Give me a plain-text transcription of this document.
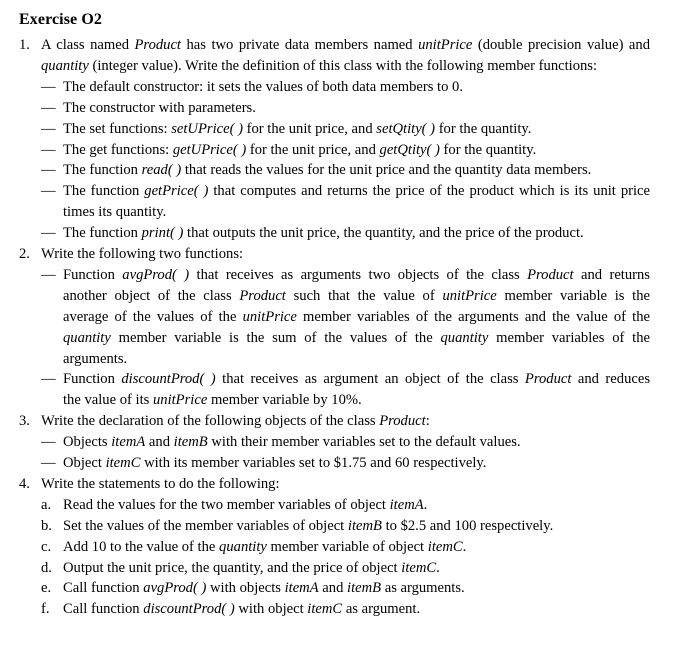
Exercise O2
1. A class named Product has two private data members named unitPrice (double precision value) and
quantity (integer value). Write the definition of this class with the following member functions:
— The default constructor: it sets the values of both data members to 0.
— The constructor with parameters.
— The set functions: setUPrice( ) for the unit price, and setQtity( ) for the quantity.
— The get functions: getUPrice( ) for the unit price, and getQtity( ) for the quantity.
— The function read( ) that reads the values for the unit price and the quantity data members.
— The function getPrice( ) that computes and returns the price of the product which is its unit price
times its quantity.
— The function print( ) that outputs the unit price, the quantity, and the price of the product.
2. Write the following two functions:
— Function avgProd( ) that receives as arguments two objects of the class Product and returns
another object of the class Product such that the value of unitPrice member variable is the
average of the values of the unitPrice member variables of the arguments and the value of the
quantity member variable is the sum of the values of the quantity member variables of the
arguments.
— Function discountProd( ) that receives as argument an object of the class Product and reduces
the value of its unitPrice member variable by 10%.
3. Write the declaration of the following objects of the class Product:
— Objects itemA and itemB with their member variables set to the default values.
— Object itemC with its member variables set to $1.75 and 60 respectively.
4. Write the statements to do the following:
a. Read the values for the two member variables of object itemA.
b. Set the values of the member variables of object itemB to $2.5 and 100 respectively.
c. Add 10 to the value of the quantity member variable of object itemC.
d. Output the unit price, the quantity, and the price of object itemC.
e. Call function avgProd( ) with objects itemA and itemB as arguments.
f. Call function discountProd( ) with object itemC as argument.
